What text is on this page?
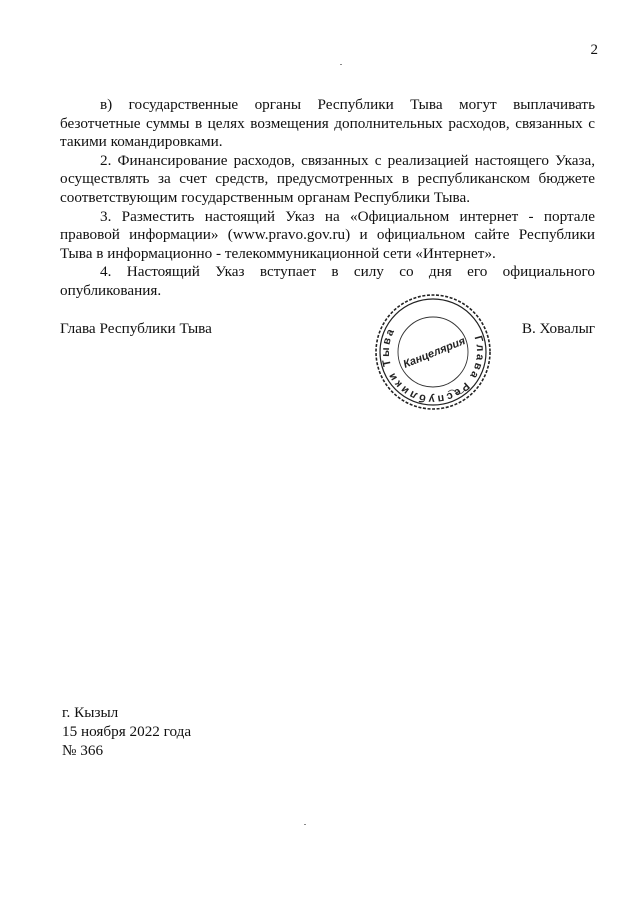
2

в) государственные органы Республики Тыва могут выплачивать безотчетные суммы в целях возмещения дополнительных расходов, связанных с такими командировками.

2. Финансирование расходов, связанных с реализацией настоящего Указа, осуществлять за счет средств, предусмотренных в республиканском бюджете соответствующим государственным органам Республики Тыва.

3. Разместить настоящий Указ на «Официальном интернет - портале правовой информации» (www.pravo.gov.ru) и официальном сайте Республики Тыва в информационно - телекоммуникационной сети «Интернет».

4. Настоящий Указ вступает в силу со дня его официального опубликования.

Глава Республики Тыва	В. Ховалыг
Глава Республики Тыва
Канцелярия
г. Кызыл
15 ноября 2022 года
№ 366
